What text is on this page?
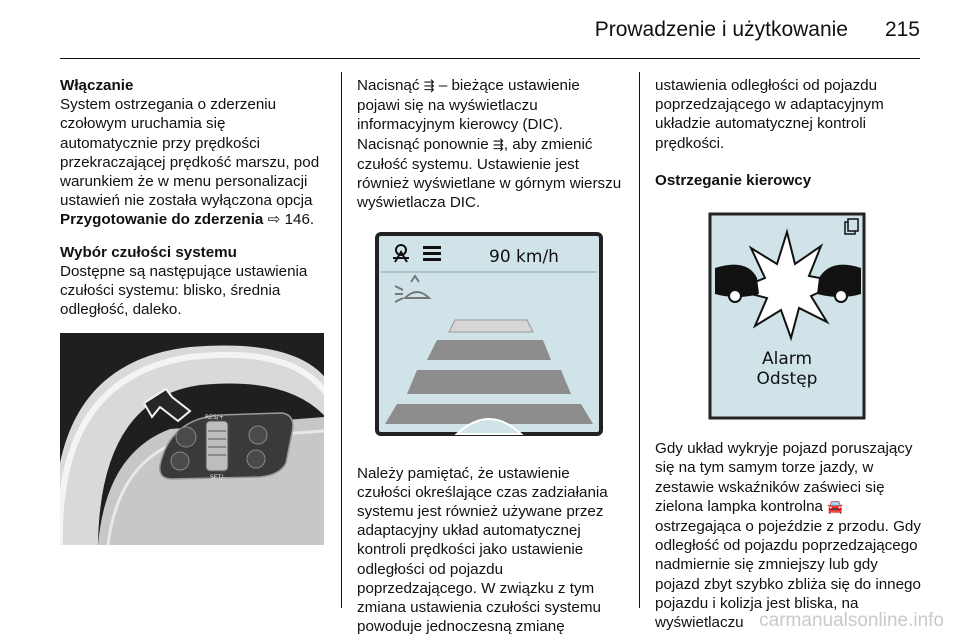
Prowadzenie i użytkowanie 215

Włączanie

System ostrzegania o zderzeniu czołowym uruchamia się automatycznie przy prędkości przekraczającej prędkość marszu, pod warunkiem że w menu personalizacji ustawień nie została wyłączona opcja Przygotowanie do zderzenia ⇨ 146.

Wybór czułości systemu

Dostępne są następujące ustawienia czułości systemu: blisko, średnia odległość, daleko.

RES/+
SET/-

Nacisnąć ⇶ – bieżące ustawienie pojawi się na wyświetlaczu informacyjnym kierowcy (DIC). Nacisnąć ponownie ⇶, aby zmienić czułość systemu. Ustawienie jest również wyświetlane w górnym wierszu wyświetlacza DIC.

90 km/h

Należy pamiętać, że ustawienie czułości określające czas zadziałania systemu jest również używane przez adaptacyjny układ automatycznej kontroli prędkości jako ustawienie odległości od pojazdu poprzedzającego. W związku z tym zmiana ustawienia czułości systemu powoduje jednoczesną zmianę

ustawienia odległości od pojazdu poprzedzającego w adaptacyjnym układzie automatycznej kontroli prędkości.

Ostrzeganie kierowcy

Alarm
Odstęp

Gdy układ wykryje pojazd poruszający się na tym samym torze jazdy, w zestawie wskaźników zaświeci się zielona lampka kontrolna 🚘 ostrzegająca o pojeździe z przodu. Gdy odległość od pojazdu poprzedzającego nadmiernie się zmniejszy lub gdy pojazd zbyt szybko zbliża się do innego pojazdu i kolizja jest bliska, na wyświetlaczu carmanualsonline.info
